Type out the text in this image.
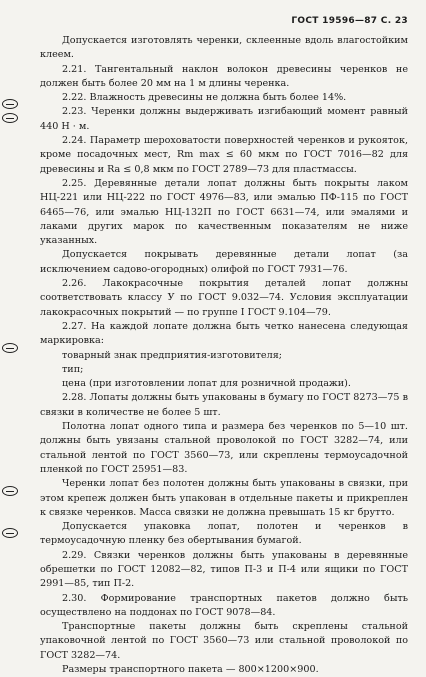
ГОСТ 19596—87 С. 23

Допускается изготовлять черенки, склеенные вдоль влагостойким клеем.

2.21. Тангентальный наклон волокон древесины черенков не должен быть более 20 мм на 1 м длины черенка.

2.22. Влажность древесины не должна быть более 14%.

2.23. Черенки должны выдерживать изгибающий момент равный 440 Н · м.

2.24. Параметр шероховатости поверхностей черенков и рукояток, кроме посадочных мест, Rm max ≤ 60 мкм по ГОСТ 7016—82 для древесины и Ra ≤ 0,8 мкм по ГОСТ 2789—73 для пластмассы.

2.25. Деревянные детали лопат должны быть покрыты лаком НЦ-221 или НЦ-222 по ГОСТ 4976—83, или эмалью ПФ-115 по ГОСТ 6465—76, или эмалью НЦ-132П по ГОСТ 6631—74, или эмалями и лаками других марок по качественным показателям не ниже указанных.

Допускается покрывать деревянные детали лопат (за исключением садово-огородных) олифой по ГОСТ 7931—76.

2.26. Лакокрасочные покрытия деталей лопат должны соответствовать классу У по ГОСТ 9.032—74. Условия эксплуатации лакокрасочных покрытий — по группе I ГОСТ 9.104—79.

2.27. На каждой лопате должна быть четко нанесена следующая маркировка:

товарный знак предприятия-изготовителя;

тип;

цена (при изготовлении лопат для розничной продажи).

2.28. Лопаты должны быть упакованы в бумагу по ГОСТ 8273—75 в связки в количестве не более 5 шт.

Полотна лопат одного типа и размера без черенков по 5—10 шт. должны быть увязаны стальной проволокой по ГОСТ 3282—74, или стальной лентой по ГОСТ 3560—73, или скреплены термоусадочной пленкой по ГОСТ 25951—83.

Черенки лопат без полотен должны быть упакованы в связки, при этом крепеж должен быть упакован в отдельные пакеты и прикреплен к связке черенков. Масса связки не должна превышать 15 кг брутто.

Допускается упаковка лопат, полотен и черенков в термоусадочную пленку без обертывания бумагой.

2.29. Связки черенков должны быть упакованы в деревянные обрешетки по ГОСТ 12082—82, типов П-3 и П-4 или ящики по ГОСТ 2991—85, тип П-2.

2.30. Формирование транспортных пакетов должно быть осуществлено на поддонах по ГОСТ 9078—84.

Транспортные пакеты должны быть скреплены стальной упаковочной лентой по ГОСТ 3560—73 или стальной проволокой по ГОСТ 3282—74.

Размеры транспортного пакета — 800×1200×900.
